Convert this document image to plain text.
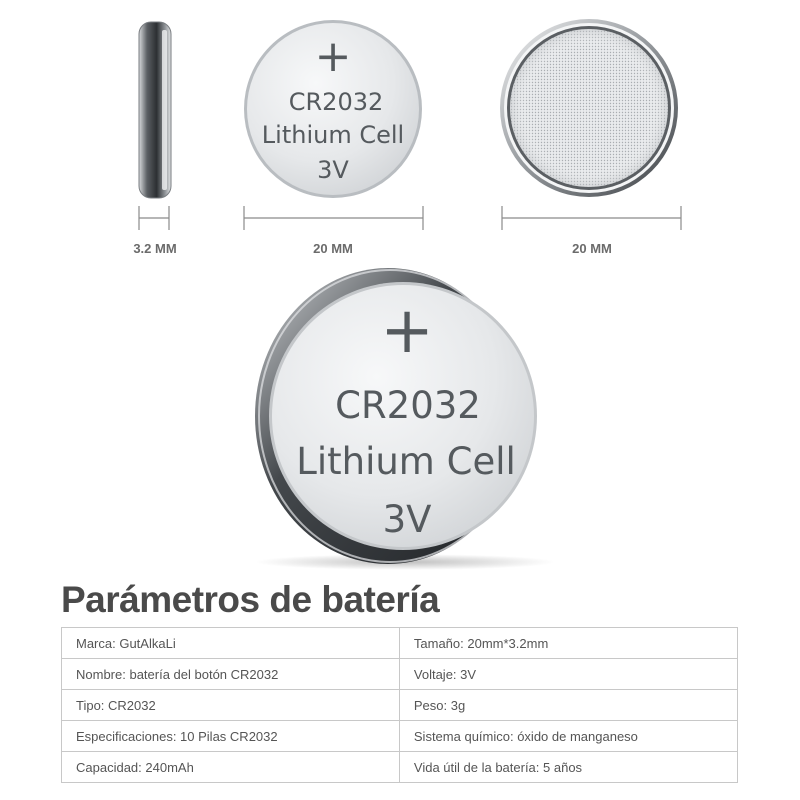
+
CR2032
Lithium Cell
3V
3.2 MM	20 MM	20 MM
+
CR2032
Lithium Cell
3V
Parámetros de batería
Marca: GutAlkaLi	Tamaño: 20mm*3.2mm
Nombre: batería del botón CR2032	Voltaje: 3V
Tipo: CR2032	Peso: 3g
Especificaciones: 10 Pilas CR2032	Sistema químico: óxido de manganeso
Capacidad: 240mAh	Vida útil de la batería: 5 años
